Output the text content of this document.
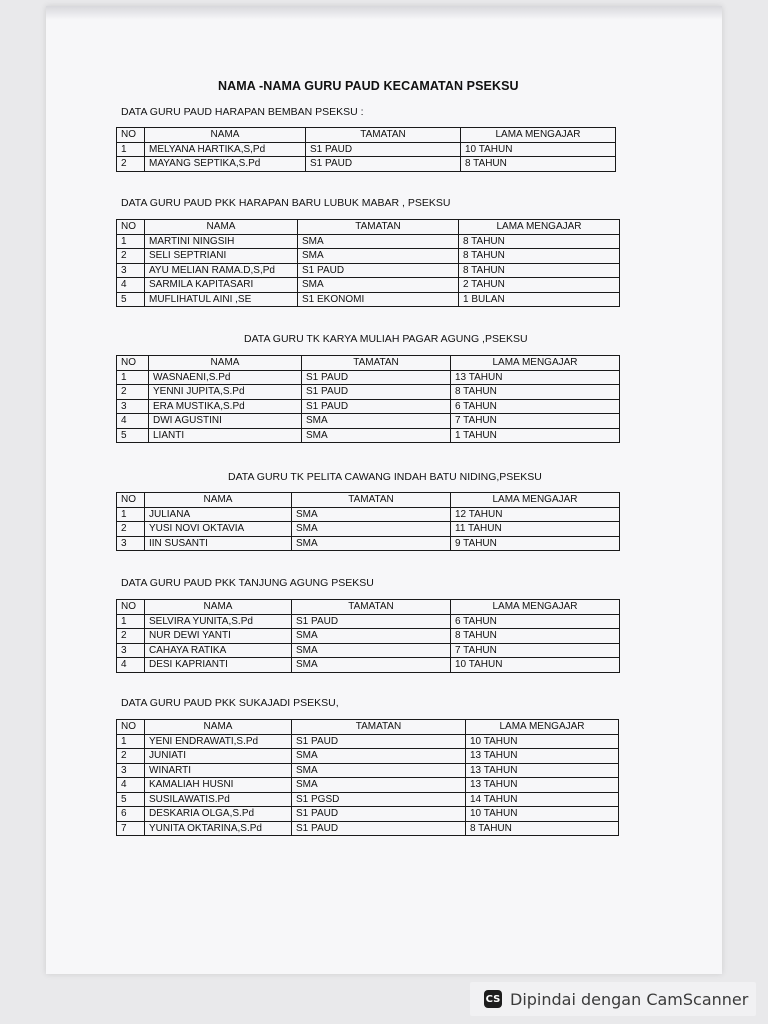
NAMA -NAMA GURU PAUD KECAMATAN PSEKSU
DATA GURU PAUD HARAPAN BEMBAN PSEKSU :
NO	NAMA	TAMATAN	LAMA MENGAJAR
1	MELYANA HARTIKA,S,Pd	S1 PAUD	10 TAHUN
2	MAYANG SEPTIKA,S.Pd	S1 PAUD	8 TAHUN
DATA GURU PAUD PKK HARAPAN BARU LUBUK MABAR , PSEKSU
NO	NAMA	TAMATAN	LAMA MENGAJAR
1	MARTINI NINGSIH	SMA	8 TAHUN
2	SELI SEPTRIANI	SMA	8 TAHUN
3	AYU MELIAN RAMA.D,S,Pd	S1 PAUD	8 TAHUN
4	SARMILA KAPITASARI	SMA	2 TAHUN
5	MUFLIHATUL AINI ,SE	S1 EKONOMI	1 BULAN
DATA GURU TK KARYA MULIAH PAGAR AGUNG ,PSEKSU
NO	NAMA	TAMATAN	LAMA MENGAJAR
1	WASNAENI,S.Pd	S1 PAUD	13 TAHUN
2	YENNI JUPITA,S.Pd	S1 PAUD	8 TAHUN
3	ERA MUSTIKA,S.Pd	S1 PAUD	6 TAHUN
4	DWI AGUSTINI	SMA	7 TAHUN
5	LIANTI	SMA	1 TAHUN
DATA GURU TK PELITA CAWANG INDAH BATU NIDING,PSEKSU
NO	NAMA	TAMATAN	LAMA MENGAJAR
1	JULIANA	SMA	12 TAHUN
2	YUSI NOVI OKTAVIA	SMA	11 TAHUN
3	IIN SUSANTI	SMA	9 TAHUN
DATA GURU PAUD PKK TANJUNG AGUNG PSEKSU
NO	NAMA	TAMATAN	LAMA MENGAJAR
1	SELVIRA YUNITA,S.Pd	S1 PAUD	6 TAHUN
2	NUR DEWI YANTI	SMA	8 TAHUN
3	CAHAYA RATIKA	SMA	7 TAHUN
4	DESI KAPRIANTI	SMA	10 TAHUN
DATA GURU PAUD PKK SUKAJADI PSEKSU,
NO	NAMA	TAMATAN	LAMA MENGAJAR
1	YENI ENDRAWATI,S.Pd	S1 PAUD	10 TAHUN
2	JUNIATI	SMA	13 TAHUN
3	WINARTI	SMA	13 TAHUN
4	KAMALIAH HUSNI	SMA	13 TAHUN
5	SUSILAWATIS.Pd	S1 PGSD	14 TAHUN
6	DESKARIA OLGA,S.Pd	S1 PAUD	10 TAHUN
7	YUNITA OKTARINA,S.Pd	S1 PAUD	8 TAHUN
CS Dipindai dengan CamScanner
